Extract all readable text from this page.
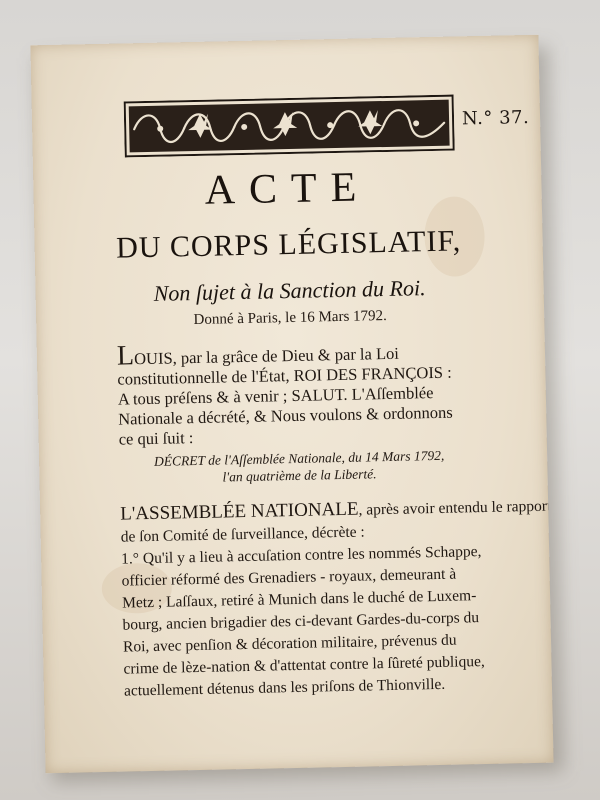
N.° 37.
ACTE
DU CORPS LÉGISLATIF,
Non ſujet à la Sanction du Roi.
Donné à Paris, le 16 Mars 1792.
LOUIS, par la grâce de Dieu & par la Loi
constitutionnelle de l'État, ROI DES FRANÇOIS :
A tous préſens & à venir ; SALUT. L'Aſſemblée
Nationale a décrété, & Nous voulons & ordonnons
ce qui ſuit :
DÉCRET de l'Aſſemblée Nationale, du 14 Mars 1792,
l'an quatrième de la Liberté.
L'ASSEMBLÉE NATIONALE, après avoir entendu le rapport
de ſon Comité de ſurveillance, décrète :
1.° Qu'il y a lieu à accuſation contre les nommés Schappe,
officier réformé des Grenadiers - royaux, demeurant à
Metz ; Laſſaux, retiré à Munich dans le duché de Luxem-
bourg, ancien brigadier des ci-devant Gardes-du-corps du
Roi, avec penſion & décoration militaire, prévenus du
crime de lèze-nation & d'attentat contre la ſûreté publique,
actuellement détenus dans les priſons de Thionville.
